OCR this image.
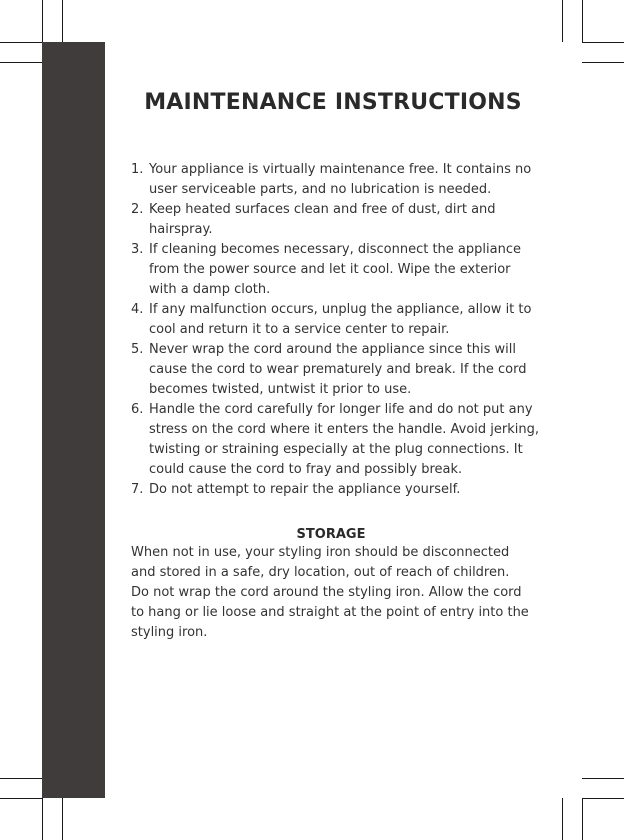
MAINTENANCE INSTRUCTIONS
1. Your appliance is virtually maintenance free. It contains no user serviceable parts, and no lubrication is needed.
2. Keep heated surfaces clean and free of dust, dirt and hairspray.
3. If cleaning becomes necessary, disconnect the appliance from the power source and let it cool. Wipe the exterior with a damp cloth.
4. If any malfunction occurs, unplug the appliance, allow it to cool and return it to a service center to repair.
5. Never wrap the cord around the appliance since this will cause the cord to wear prematurely and break. If the cord becomes twisted, untwist it prior to use.
6. Handle the cord carefully for longer life and do not put any stress on the cord where it enters the handle. Avoid jerking, twisting or straining especially at the plug connections. It could cause the cord to fray and possibly break.
7. Do not attempt to repair the appliance yourself.
STORAGE

When not in use, your styling iron should be disconnected and stored in a safe, dry location, out of reach of children. Do not wrap the cord around the styling iron. Allow the cord to hang or lie loose and straight at the point of entry into the styling iron.
